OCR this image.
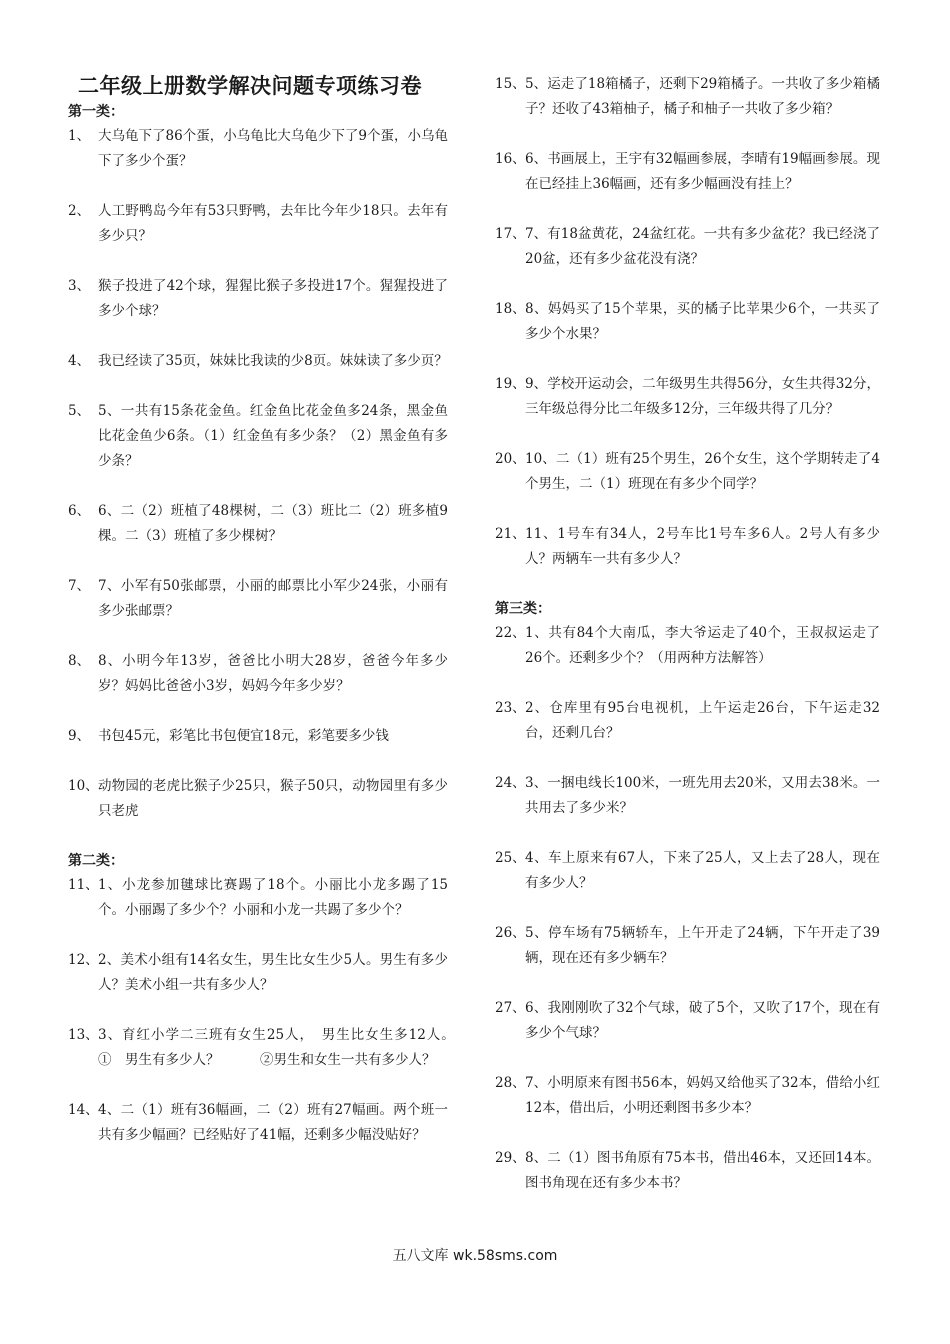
二年级上册数学解决问题专项练习卷
第一类：
1、 大乌龟下了86个蛋，小乌龟比大乌龟少下了9个蛋，小乌龟下了多少个蛋？
2、 人工野鸭岛今年有53只野鸭，去年比今年少18只。去年有多少只？
3、 猴子投进了42个球，猩猩比猴子多投进17个。猩猩投进了多少个球？
4、 我已经读了35页，妹妹比我读的少8页。妹妹读了多少页？
5、 5、一共有15条花金鱼。红金鱼比花金鱼多24条，黑金鱼比花金鱼少6条。（1）红金鱼有多少条？（2）黑金鱼有多少条？
6、 6、二（2）班植了48棵树，二（3）班比二（2）班多植9棵。二（3）班植了多少棵树？
7、 7、小军有50张邮票，小丽的邮票比小军少24张，小丽有多少张邮票？
8、 8、小明今年13岁，爸爸比小明大28岁，爸爸今年多少岁？妈妈比爸爸小3岁，妈妈今年多少岁？
9、 书包45元，彩笔比书包便宜18元，彩笔要多少钱
10、 动物园的老虎比猴子少25只，猴子50只，动物园里有多少只老虎
第二类：
11、 1、小龙参加毽球比赛踢了18个。小丽比小龙多踢了15个。小丽踢了多少个？小丽和小龙一共踢了多少个？
12、 2、美术小组有14名女生，男生比女生少5人。男生有多少人？美术小组一共有多少人？
13、 3、育红小学二三班有女生25人，　男生比女生多12人。　①　男生有多少人？　　　②男生和女生一共有多少人？
14、 4、二（1）班有36幅画，二（2）班有27幅画。两个班一共有多少幅画？已经贴好了41幅，还剩多少幅没贴好？
15、 5、运走了18箱橘子，还剩下29箱橘子。一共收了多少箱橘子？还收了43箱柚子，橘子和柚子一共收了多少箱？
16、 6、书画展上，王宇有32幅画参展，李晴有19幅画参展。现在已经挂上36幅画，还有多少幅画没有挂上？
17、 7、有18盆黄花，24盆红花。一共有多少盆花？我已经浇了20盆，还有多少盆花没有浇？
18、 8、妈妈买了15个苹果，买的橘子比苹果少6个，一共买了多少个水果？
19、 9、学校开运动会，二年级男生共得56分，女生共得32分，三年级总得分比二年级多12分，三年级共得了几分？
20、 10、二（1）班有25个男生，26个女生，这个学期转走了4个男生，二（1）班现在有多少个同学？
21、 11、1号车有34人，2号车比1号车多6人。2号人有多少人？两辆车一共有多少人？
第三类：
22、 1、共有84个大南瓜，李大爷运走了40个，王叔叔运走了26个。还剩多少个？（用两种方法解答）
23、 2、仓库里有95台电视机，上午运走26台，下午运走32台，还剩几台？
24、 3、一捆电线长100米，一班先用去20米，又用去38米。一共用去了多少米？
25、 4、车上原来有67人，下来了25人，又上去了28人，现在有多少人？
26、 5、停车场有75辆轿车，上午开走了24辆，下午开走了39辆，现在还有多少辆车？
27、 6、我刚刚吹了32个气球，破了5个，又吹了17个，现在有多少个气球？
28、 7、小明原来有图书56本，妈妈又给他买了32本，借给小红12本，借出后，小明还剩图书多少本？
29、 8、二（1）图书角原有75本书，借出46本，又还回14本。图书角现在还有多少本书？
五八文库 wk.58sms.com
